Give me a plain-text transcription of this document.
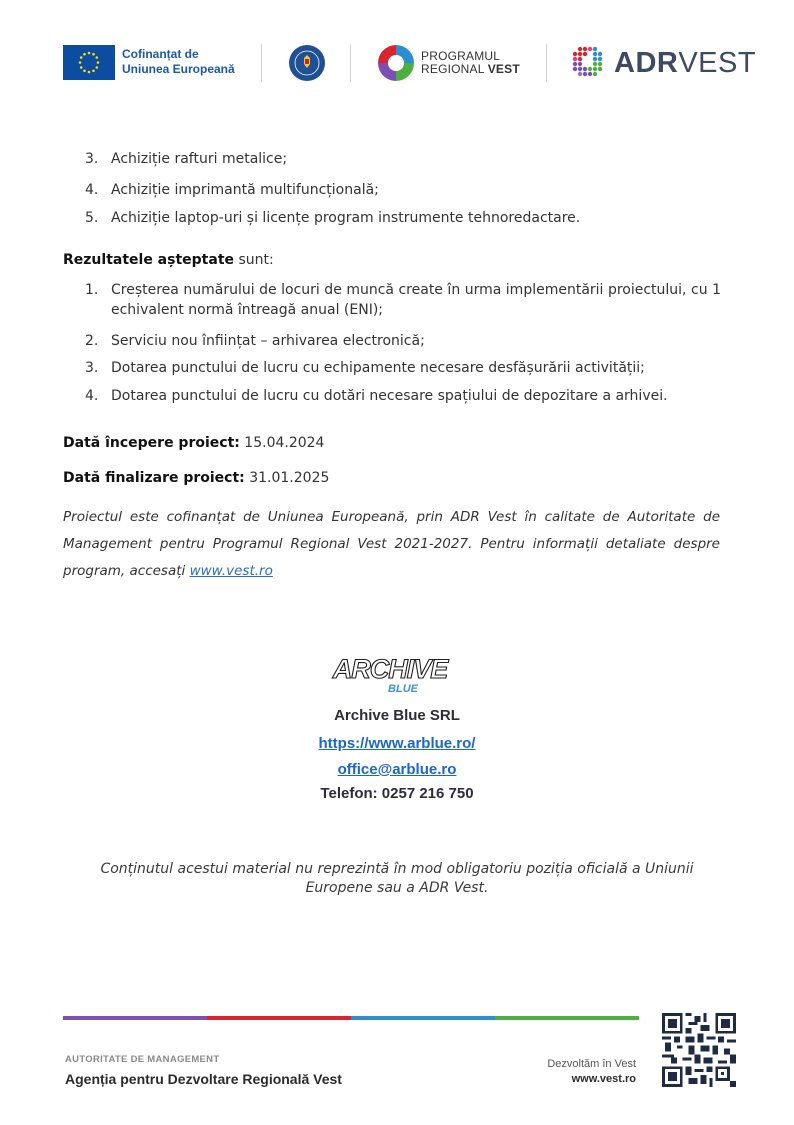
Cofinanțat de
Uniunea Europeană
PROGRAMUL
REGIONAL VEST	ADRVEST
3. Achiziție rafturi metalice;
4. Achiziție imprimantă multifuncțională;
5. Achiziție laptop-uri și licențe program instrumente tehnoredactare.
Rezultatele așteptate sunt:
1. Creșterea numărului de locuri de muncă create în urma implementării proiectului, cu 1 echivalent normă întreagă anual (ENI);
2. Serviciu nou înființat – arhivarea electronică;
3. Dotarea punctului de lucru cu echipamente necesare desfășurării activității;
4. Dotarea punctului de lucru cu dotări necesare spațiului de depozitare a arhivei.
Dată începere proiect: 15.04.2024
Dată finalizare proiect: 31.01.2025
Proiectul este cofinanțat de Uniunea Europeană, prin ADR Vest în calitate de Autoritate de Management pentru Programul Regional Vest 2021-2027. Pentru informații detaliate despre program, accesați www.vest.ro
ARCHIVE
BLUE
Archive Blue SRL
https://www.arblue.ro/
office@arblue.ro
Telefon: 0257 216 750
Conținutul acestui material nu reprezintă în mod obligatoriu poziția oficială a Uniunii
Europene sau a ADR Vest.
AUTORITATE DE MANAGEMENT
Agenția pentru Dezvoltare Regională Vest
Dezvoltăm în Vest
www.vest.ro
